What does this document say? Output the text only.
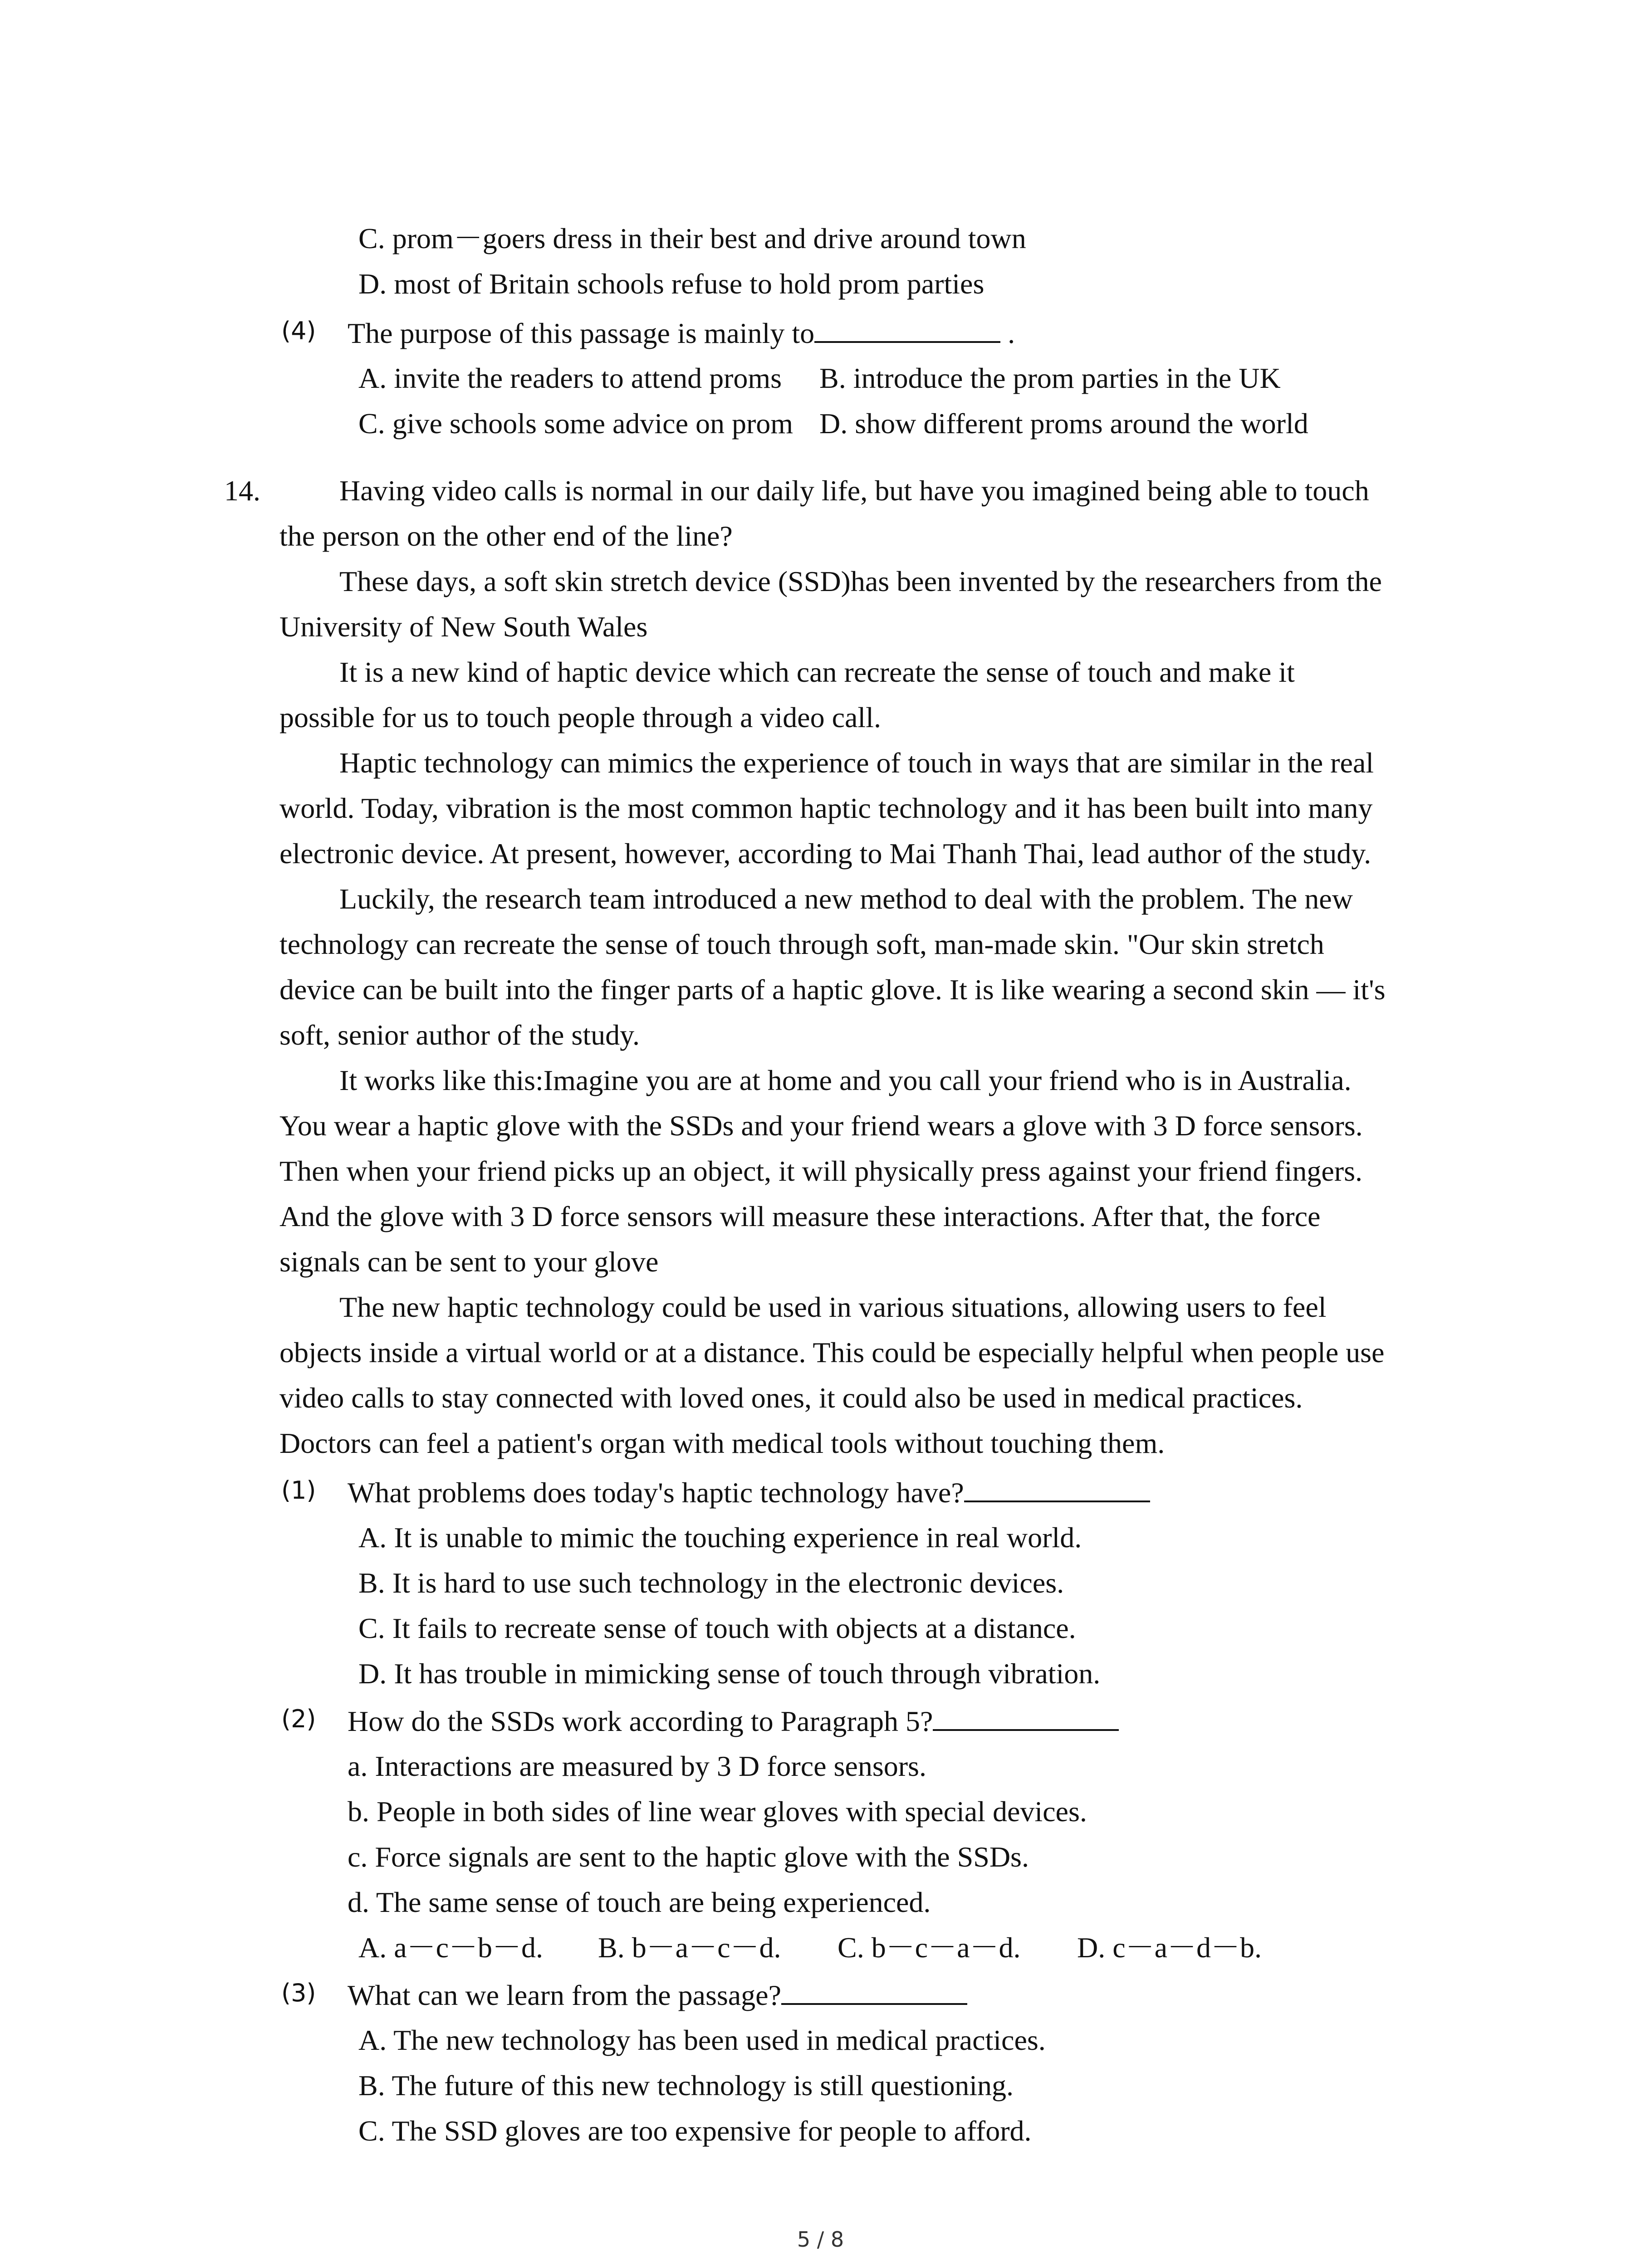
C. prom－goers dress in their best and drive around town
D. most of Britain schools refuse to hold prom parties
(4) The purpose of this passage is mainly to	.
A. invite the readers to attend proms B. introduce the prom parties in the UK
C. give schools some advice on prom D. show different proms around the world
14.	Having video calls is normal in our daily life, but have you imagined being able to touch
the person on the other end of the line?
These days, a soft skin stretch device (SSD)has been invented by the researchers from the
University of New South Wales
It is a new kind of haptic device which can recreate the sense of touch and make it
possible for us to touch people through a video call.
Haptic technology can mimics the experience of touch in ways that are similar in the real
world. Today, vibration is the most common haptic technology and it has been built into many
electronic device. At present, however, according to Mai Thanh Thai, lead author of the study.
Luckily, the research team introduced a new method to deal with the problem. The new
technology can recreate the sense of touch through soft, man-made skin. "Our skin stretch
device can be built into the finger parts of a haptic glove. It is like wearing a second skin — it's
soft, senior author of the study.
It works like this:Imagine you are at home and you call your friend who is in Australia.
You wear a haptic glove with the SSDs and your friend wears a glove with 3 D force sensors.
Then when your friend picks up an object, it will physically press against your friend fingers.
And the glove with 3 D force sensors will measure these interactions. After that, the force
signals can be sent to your glove
The new haptic technology could be used in various situations, allowing users to feel
objects inside a virtual world or at a distance. This could be especially helpful when people use
video calls to stay connected with loved ones, it could also be used in medical practices.
Doctors can feel a patient's organ with medical tools without touching them.
(1) What problems does today's haptic technology have?
A. It is unable to mimic the touching experience in real world.
B. It is hard to use such technology in the electronic devices.
C. It fails to recreate sense of touch with objects at a distance.
D. It has trouble in mimicking sense of touch through vibration.
(2) How do the SSDs work according to Paragraph 5?
a. Interactions are measured by 3 D force sensors.
b. People in both sides of line wear gloves with special devices.
c. Force signals are sent to the haptic glove with the SSDs.
d. The same sense of touch are being experienced.
A. a－c－b－d. B. b－a－c－d. C. b－c－a－d. D. c－a－d－b.
(3) What can we learn from the passage?
A. The new technology has been used in medical practices.
B. The future of this new technology is still questioning.
C. The SSD gloves are too expensive for people to afford.
5 / 8
